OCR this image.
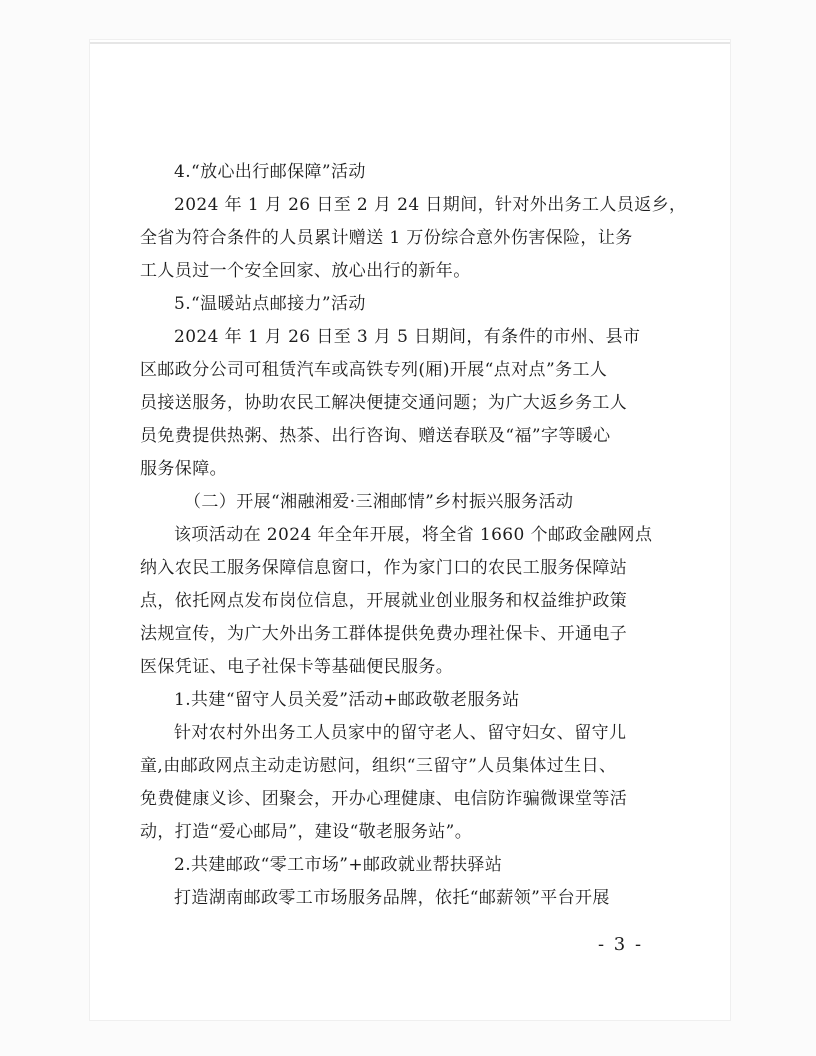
4.“放心出行邮保障”活动
2024 年 1 月 26 日至 2 月 24 日期间，针对外出务工人员返乡，
全省为符合条件的人员累计赠送 1 万份综合意外伤害保险，让务
工人员过一个安全回家、放心出行的新年。
5.“温暖站点邮接力”活动
2024 年 1 月 26 日至 3 月 5 日期间，有条件的市州、县市
区邮政分公司可租赁汽车或高铁专列(厢)开展“点对点”务工人
员接送服务，协助农民工解决便捷交通问题；为广大返乡务工人
员免费提供热粥、热茶、出行咨询、赠送春联及“福”字等暖心
服务保障。
（二）开展“湘融湘爱·三湘邮情”乡村振兴服务活动
该项活动在 2024 年全年开展，将全省 1660 个邮政金融网点
纳入农民工服务保障信息窗口，作为家门口的农民工服务保障站
点，依托网点发布岗位信息，开展就业创业服务和权益维护政策
法规宣传，为广大外出务工群体提供免费办理社保卡、开通电子
医保凭证、电子社保卡等基础便民服务。
1.共建“留守人员关爱”活动+邮政敬老服务站
针对农村外出务工人员家中的留守老人、留守妇女、留守儿
童,由邮政网点主动走访慰问，组织“三留守”人员集体过生日、
免费健康义诊、团聚会，开办心理健康、电信防诈骗微课堂等活
动，打造“爱心邮局”，建设“敬老服务站”。
2.共建邮政“零工市场”+邮政就业帮扶驿站
打造湖南邮政零工市场服务品牌，依托“邮薪领”平台开展
- 3 -
